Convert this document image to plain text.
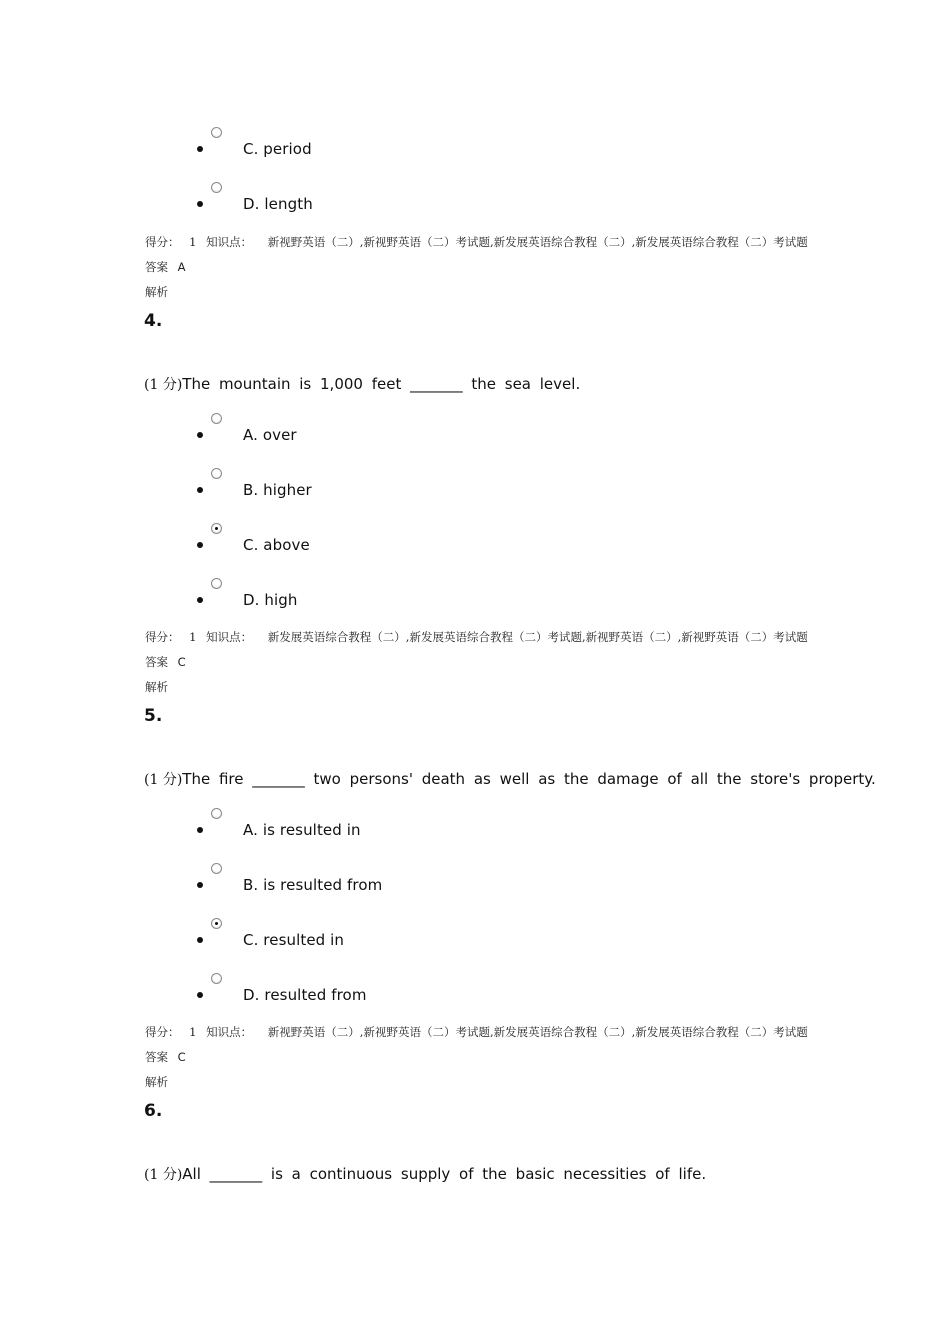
C. period
D. length
得分： 1 知识点： 新视野英语（二）,新视野英语（二）考试题,新发展英语综合教程（二）,新发展英语综合教程（二）考试题
答案 A
解析
4.
(1 分)The mountain is 1,000 feet _______ the sea level.
A. over
B. higher
C. above
D. high
得分： 1 知识点： 新发展英语综合教程（二）,新发展英语综合教程（二）考试题,新视野英语（二）,新视野英语（二）考试题
答案 C
解析
5.
(1 分)The fire _______ two persons' death as well as the damage of all the store's property.
A. is resulted in
B. is resulted from
C. resulted in
D. resulted from
得分： 1 知识点： 新视野英语（二）,新视野英语（二）考试题,新发展英语综合教程（二）,新发展英语综合教程（二）考试题
答案 C
解析
6.
(1 分)All _______ is a continuous supply of the basic necessities of life.
